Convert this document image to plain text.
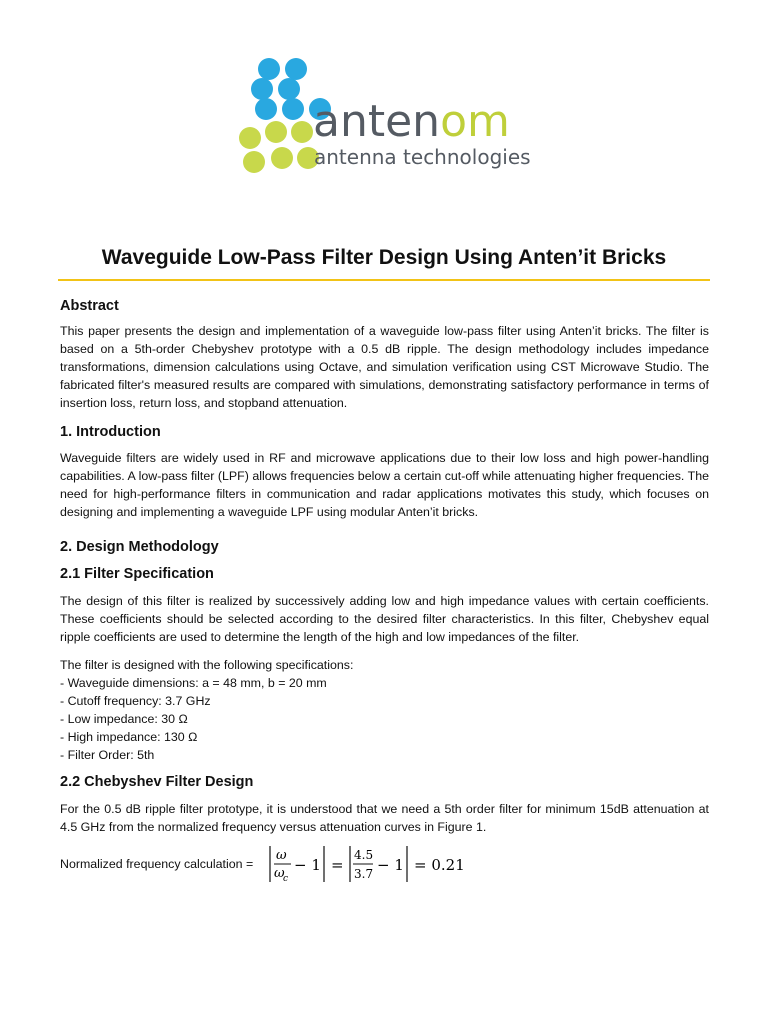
antenom
antenna technologies
Waveguide Low-Pass Filter Design Using Anten’it Bricks
Abstract

This paper presents the design and implementation of a waveguide low-pass filter using Anten’it bricks. The filter is based on a 5th-order Chebyshev prototype with a 0.5 dB ripple. The design methodology includes impedance transformations, dimension calculations using Octave, and simulation verification using CST Microwave Studio. The fabricated filter's measured results are compared with simulations, demonstrating satisfactory performance in terms of insertion loss, return loss, and stopband attenuation.

1. Introduction

Waveguide filters are widely used in RF and microwave applications due to their low loss and high power-handling capabilities. A low-pass filter (LPF) allows frequencies below a certain cut-off while attenuating higher frequencies. The need for high-performance filters in communication and radar applications motivates this study, which focuses on designing and implementing a waveguide LPF using modular Anten’it bricks.

2. Design Methodology
2.1 Filter Specification

The design of this filter is realized by successively adding low and high impedance values with certain coefficients. These coefficients should be selected according to the desired filter characteristics. In this filter, Chebyshev equal ripple coefficients are used to determine the length of the high and low impedances of the filter.

The filter is designed with the following specifications:
- Waveguide dimensions: a = 48 mm, b = 20 mm
- Cutoff frequency: 3.7 GHz
- Low impedance: 30 Ω
- High impedance: 130 Ω
- Filter Order: 5th
2.2 Chebyshev Filter Design

For the 0.5 dB ripple filter prototype, it is understood that we need a 5th order filter for minimum 15dB attenuation at 4.5 GHz from the normalized frequency versus attenuation curves in Figure 1.

Normalized frequency calculation =
ω
ω
c
− 1 =
4.5
3.7 − 1 = 0.21
